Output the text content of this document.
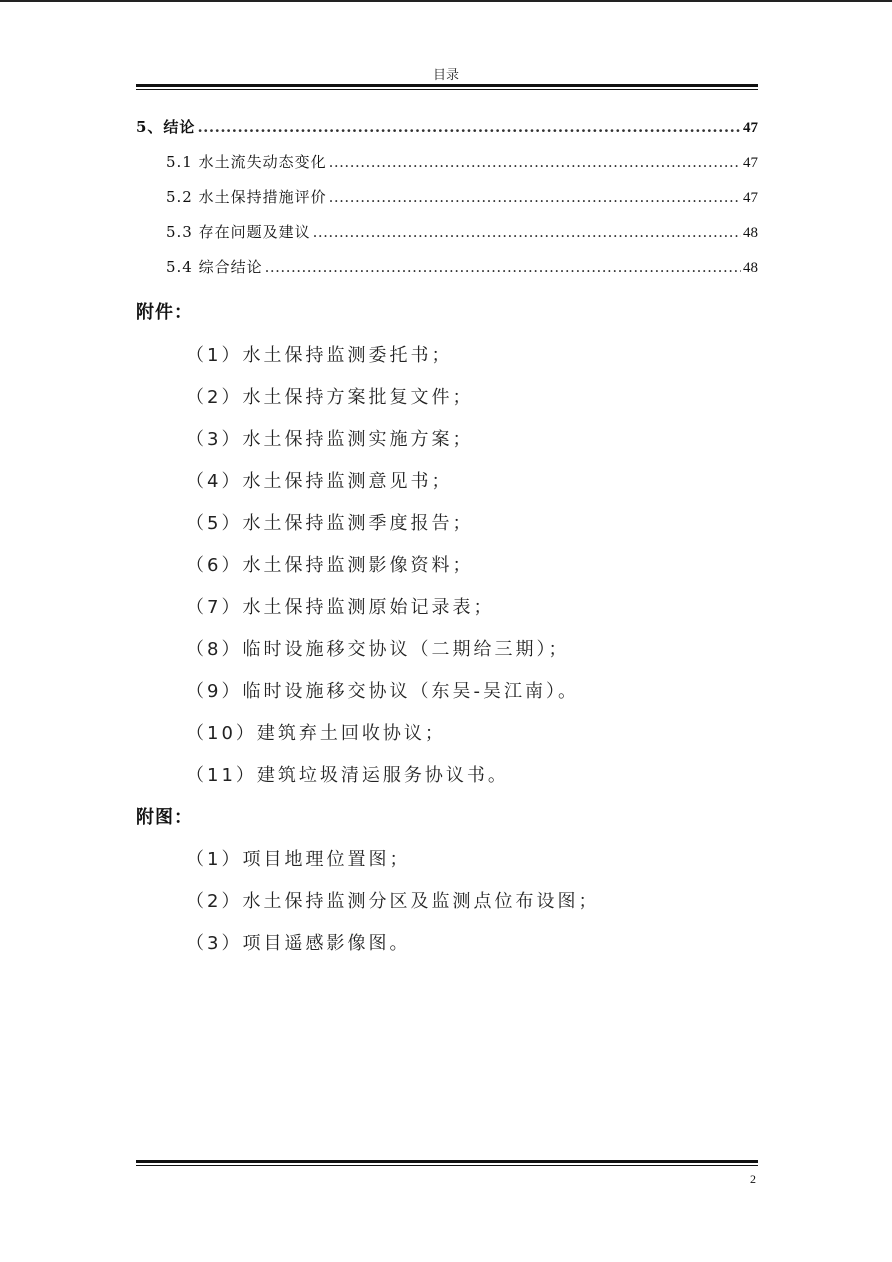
目录
5、结论 .....	47
5.1 水土流失动态变化 .....	47
5.2 水土保持措施评价 .....	47
5.3 存在问题及建议 .....	48
5.4 综合结论 .....	48
附件：
（1）水土保持监测委托书；
（2）水土保持方案批复文件；
（3）水土保持监测实施方案；
（4）水土保持监测意见书；
（5）水土保持监测季度报告；
（6）水土保持监测影像资料；
（7）水土保持监测原始记录表；
（8）临时设施移交协议（二期给三期）；
（9）临时设施移交协议（东吴-吴江南）。
（10）建筑弃土回收协议；
（11）建筑垃圾清运服务协议书。
附图：
（1）项目地理位置图；
（2）水土保持监测分区及监测点位布设图；
（3）项目遥感影像图。
2
